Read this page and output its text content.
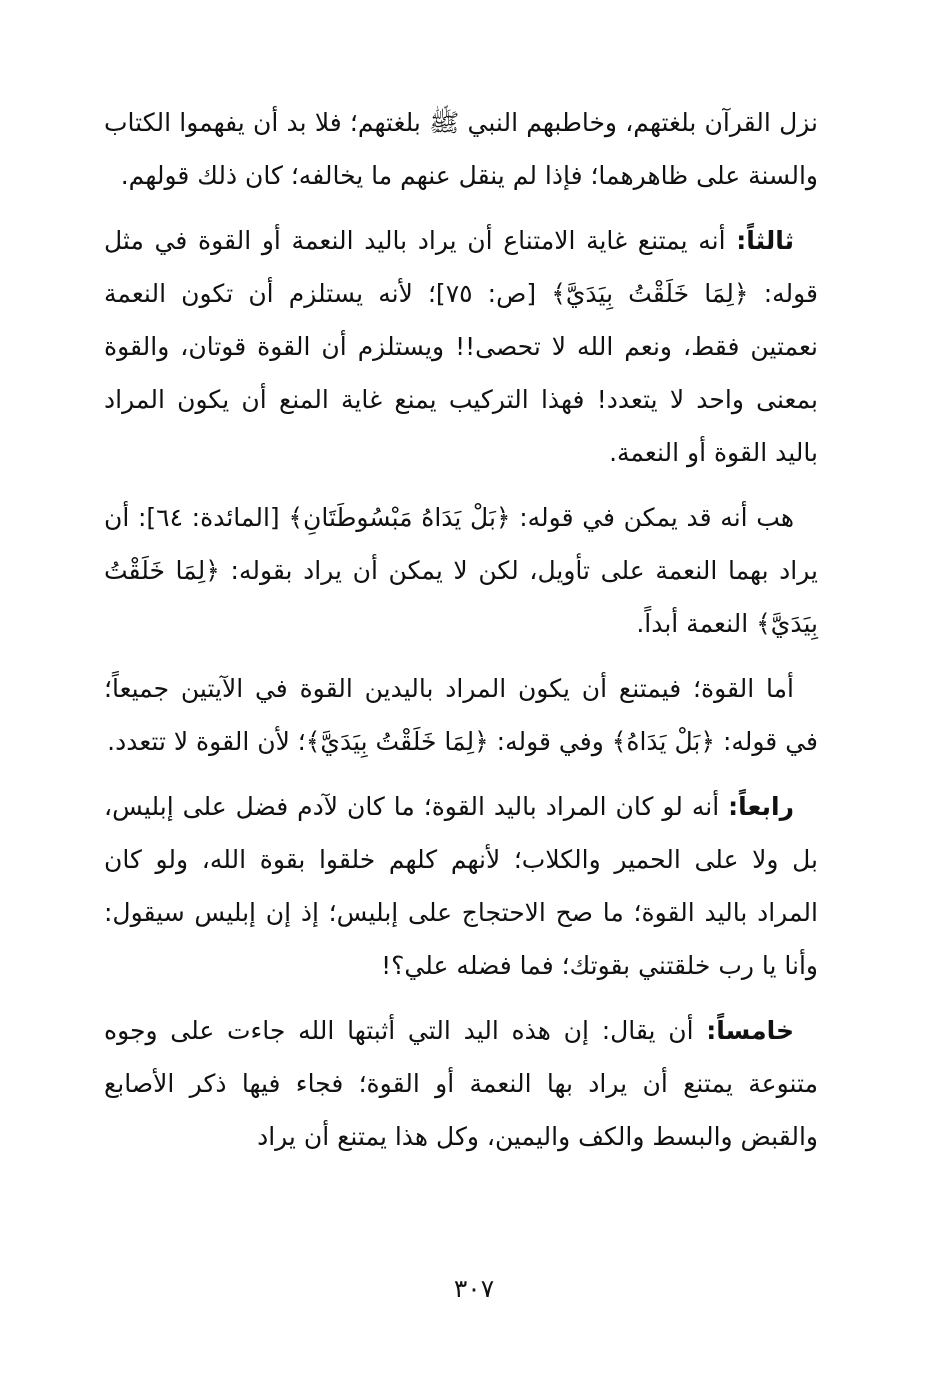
نزل القرآن بلغتهم، وخاطبهم النبي ﷺ بلغتهم؛ فلا بد أن يفهموا الكتاب والسنة على ظاهرهما؛ فإذا لم ينقل عنهم ما يخالفه؛ كان ذلك قولهم.

ثالثاً: أنه يمتنع غاية الامتناع أن يراد باليد النعمة أو القوة في مثل قوله: ﴿لِمَا خَلَقْتُ بِيَدَيَّ﴾ [ص: ٧٥]؛ لأنه يستلزم أن تكون النعمة نعمتين فقط، ونعم الله لا تحصى!! ويستلزم أن القوة قوتان، والقوة بمعنى واحد لا يتعدد! فهذا التركيب يمنع غاية المنع أن يكون المراد باليد القوة أو النعمة.

هب أنه قد يمكن في قوله: ﴿بَلْ يَدَاهُ مَبْسُوطَتَانِ﴾ [المائدة: ٦٤]: أن يراد بهما النعمة على تأويل، لكن لا يمكن أن يراد بقوله: ﴿لِمَا خَلَقْتُ بِيَدَيَّ﴾ النعمة أبداً.

أما القوة؛ فيمتنع أن يكون المراد باليدين القوة في الآيتين جميعاً؛ في قوله: ﴿بَلْ يَدَاهُ﴾ وفي قوله: ﴿لِمَا خَلَقْتُ بِيَدَيَّ﴾؛ لأن القوة لا تتعدد.

رابعاً: أنه لو كان المراد باليد القوة؛ ما كان لآدم فضل على إبليس، بل ولا على الحمير والكلاب؛ لأنهم كلهم خلقوا بقوة الله، ولو كان المراد باليد القوة؛ ما صح الاحتجاج على إبليس؛ إذ إن إبليس سيقول: وأنا يا رب خلقتني بقوتك؛ فما فضله علي؟!

خامساً: أن يقال: إن هذه اليد التي أثبتها الله جاءت على وجوه متنوعة يمتنع أن يراد بها النعمة أو القوة؛ فجاء فيها ذكر الأصابع والقبض والبسط والكف واليمين، وكل هذا يمتنع أن يراد

٣٠٧
